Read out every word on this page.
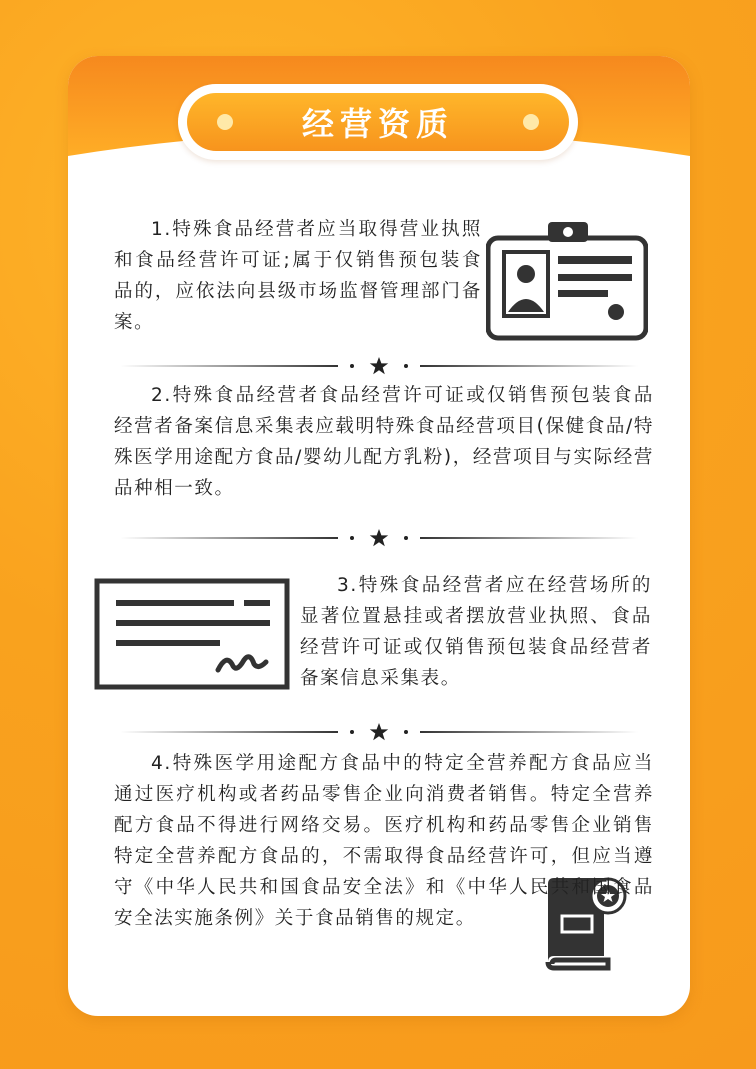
经营资质

1.特殊食品经营者应当取得营业执照和食品经营许可证;属于仅销售预包装食品的，应依法向县级市场监督管理部门备案。

2.特殊食品经营者食品经营许可证或仅销售预包装食品经营者备案信息采集表应载明特殊食品经营项目(保健食品/特殊医学用途配方食品/婴幼儿配方乳粉)，经营项目与实际经营品种相一致。

3.特殊食品经营者应在经营场所的显著位置悬挂或者摆放营业执照、食品经营许可证或仅销售预包装食品经营者备案信息采集表。

4.特殊医学用途配方食品中的特定全营养配方食品应当通过医疗机构或者药品零售企业向消费者销售。特定全营养配方食品不得进行网络交易。医疗机构和药品零售企业销售特定全营养配方食品的，不需取得食品经营许可，但应当遵守《中华人民共和国食品安全法》和《中华人民共和国食品安全法实施条例》关于食品销售的规定。
